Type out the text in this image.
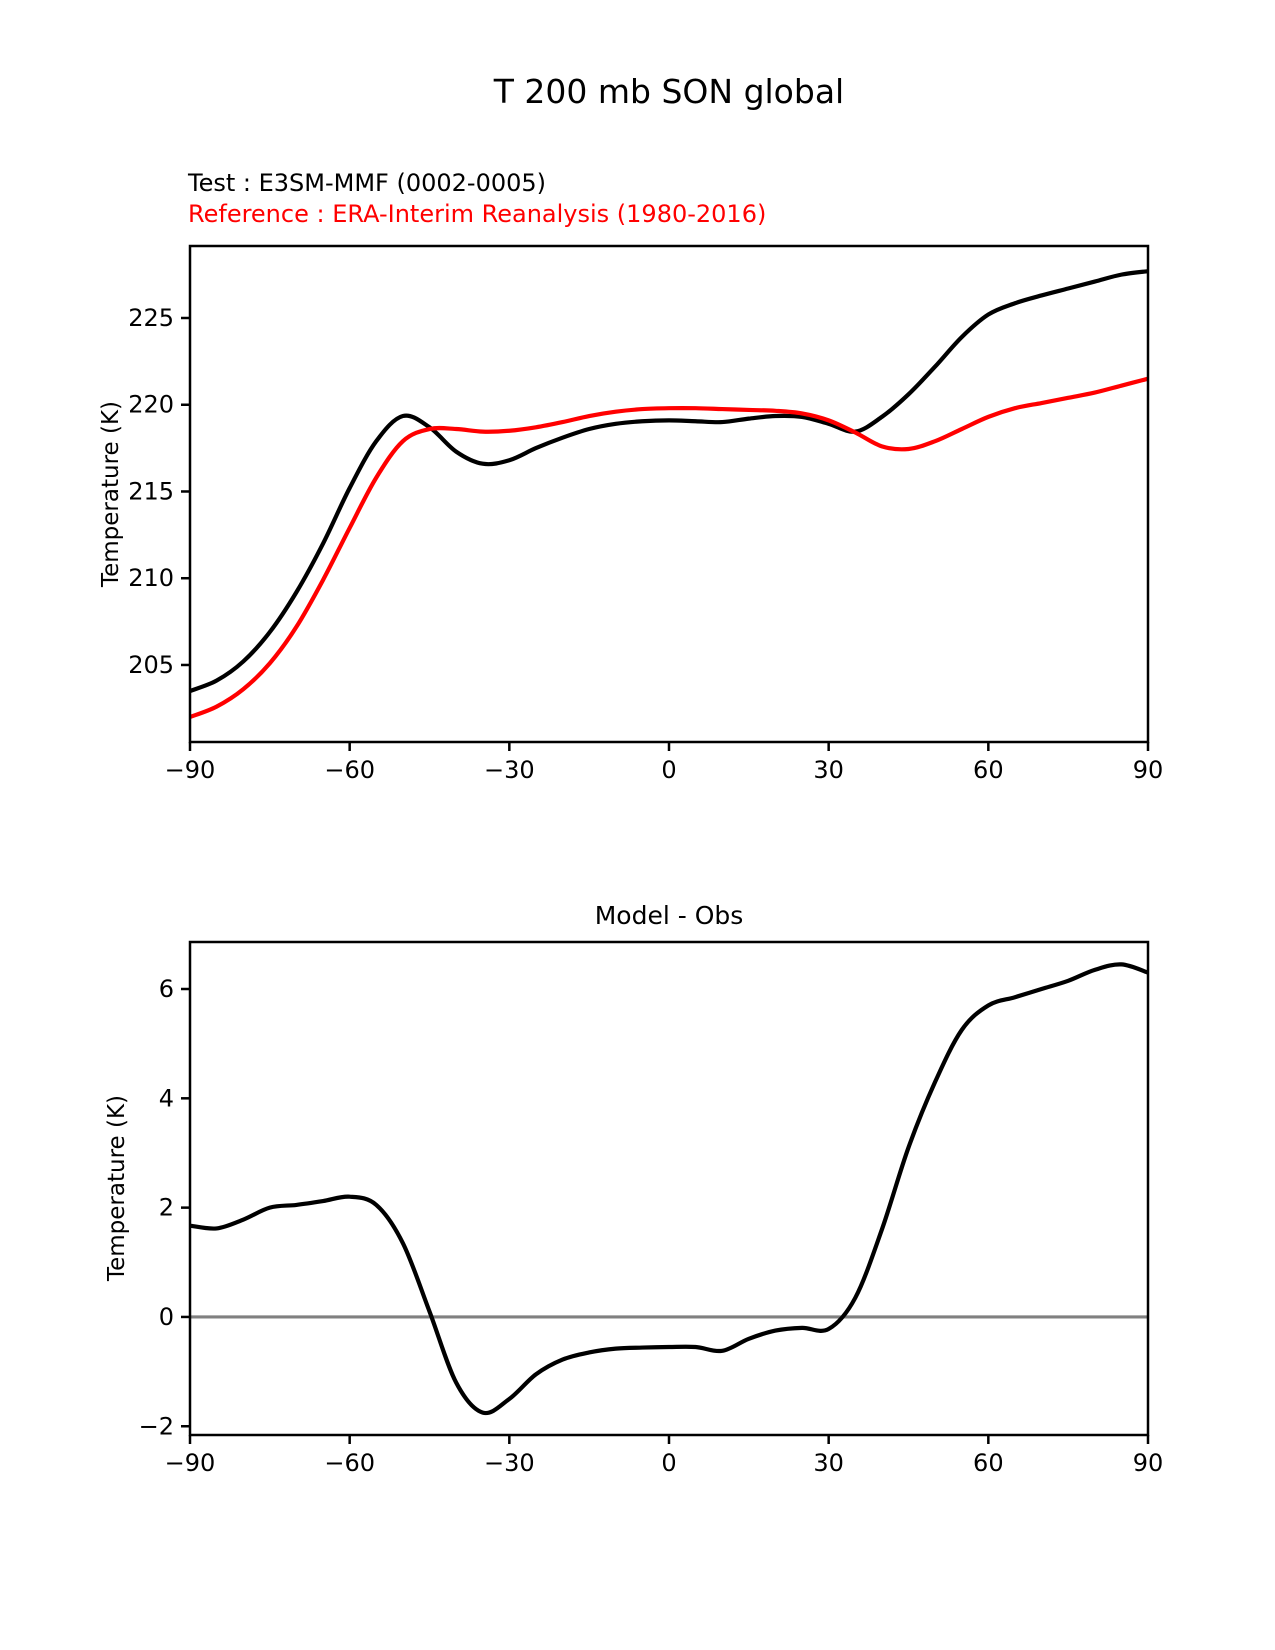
T 200 mb SON global
Test : E3SM-MMF (0002-0005)
Reference : ERA-Interim Reanalysis (1980-2016)
Temperature (K)
Model - Obs
Temperature (K)
−90	−60	−30	0	30	60	90
205
210
215
220
225
−90	−60	−30	0	30	60	90
−2
0
2
4
6
